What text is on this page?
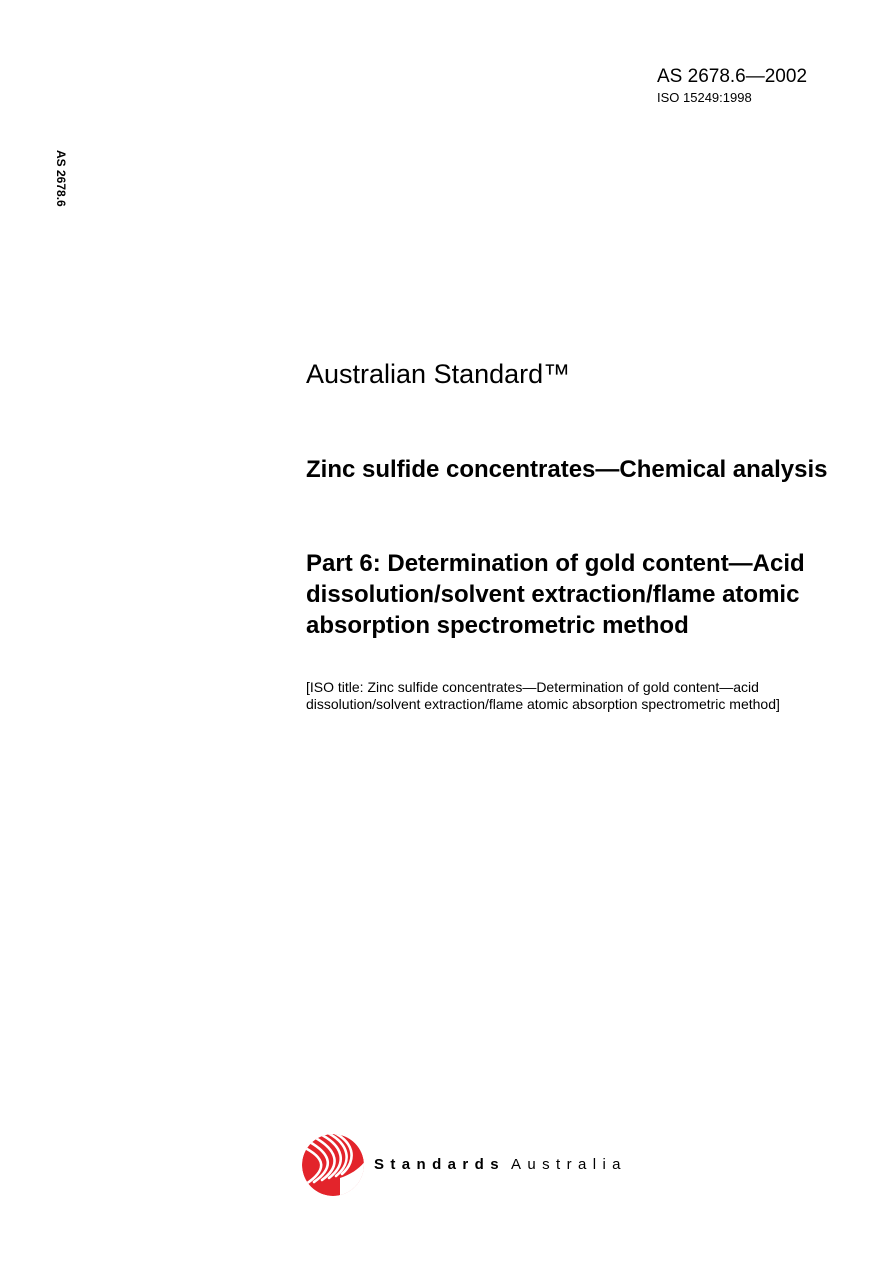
AS 2678.6—2002
ISO 15249:1998
AS 2678.6
Australian Standard™
Zinc sulfide concentrates—Chemical analysis
Part 6: Determination of gold content—Acid dissolution/solvent extraction/flame atomic absorption spectrometric method
[ISO title: Zinc sulfide concentrates—Determination of gold content—acid dissolution/solvent extraction/flame atomic absorption spectrometric method]
Standards Australia
